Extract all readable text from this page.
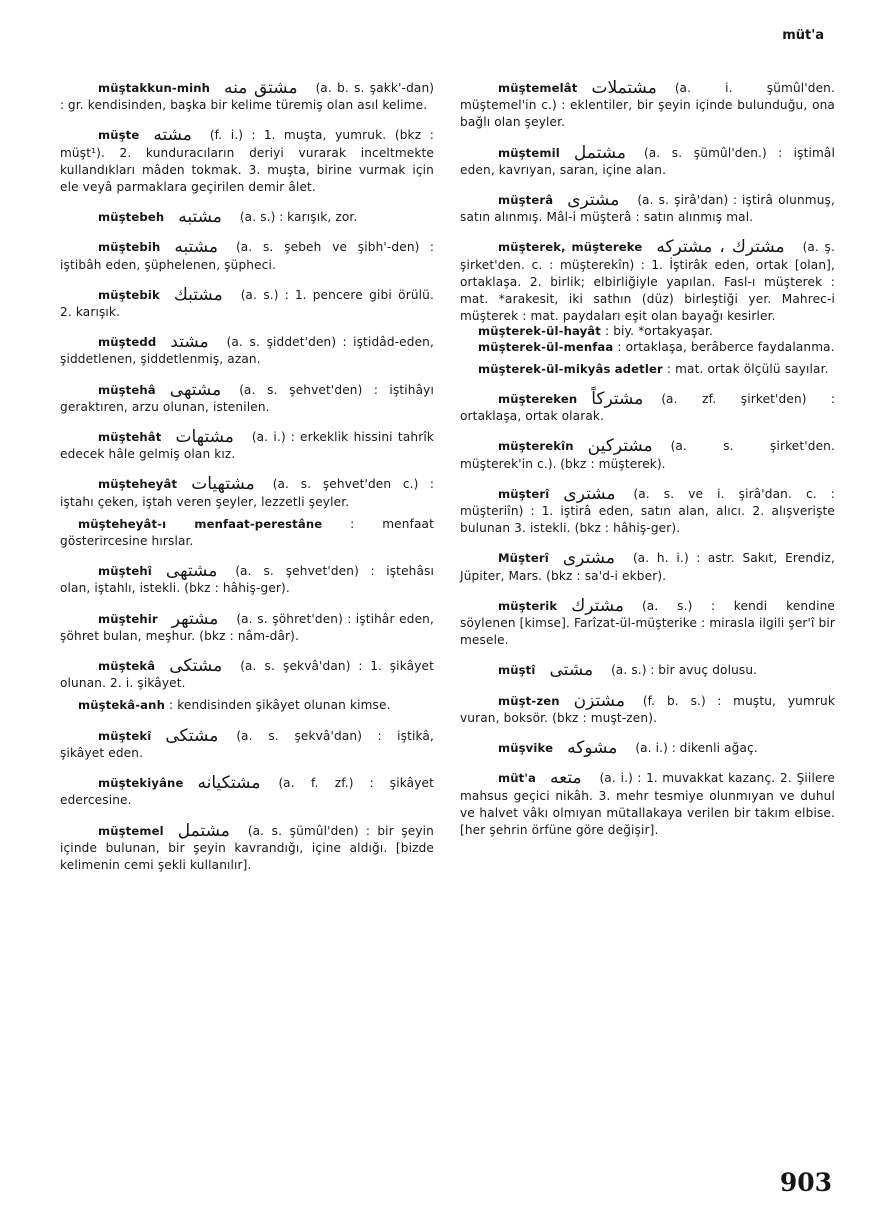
müt'a

müştakkun-minh مشتق منه (a. b. s. şakk'-dan) : gr. kendisinden, başka bir kelime türemiş olan asıl kelime.

müşte مشته (f. i.) : 1. muşta, yumruk. (bkz : müşt¹). 2. kunduracıların deriyi vurarak inceltmekte kullandıkları mâden tokmak. 3. muşta, birine vurmak için ele veyâ parmaklara geçirilen demir âlet.

müştebeh مشتبه (a. s.) : karışık, zor.

müştebih مشتبه (a. s. şebeh ve şibh'-den) : iştibâh eden, şüphelenen, şüpheci.

müştebik مشتبك (a. s.) : 1. pencere gibi örülü. 2. karışık.

müştedd مشتد (a. s. şiddet'den) : iştidâd-eden, şiddetlenen, şiddetlenmiş, azan.

müştehâ مشتهى (a. s. şehvet'den) : iştihâyı geraktıren, arzu olunan, istenilen.

müştehât مشتهات (a. i.) : erkeklik hissini tahrîk edecek hâle gelmiş olan kız.

müşteheyât مشتهيات (a. s. şehvet'den c.) : iştahı çeken, iştah veren şeyler, lezzetli şeyler.

müşteheyât-ı menfaat-perestâne : menfaat gösterircesine hırslar.

müştehî مشتهى (a. s. şehvet'den) : iştehâsı olan, iştahlı, istekli. (bkz : hâhiş-ger).

müştehir مشتهر (a. s. şöhret'den) : iştihâr eden, şöhret bulan, meşhur. (bkz : nâm-dâr).

müştekâ مشتكى (a. s. şekvâ'dan) : 1. şikâyet olunan. 2. i. şikâyet.

müştekâ-anh : kendisinden şikâyet olunan kimse.

müştekî مشتكى (a. s. şekvâ'dan) : iştikâ, şikâyet eden.

müştekiyâne مشتكيانه (a. f. zf.) : şikâyet edercesine.

müştemel مشتمل (a. s. şümûl'den) : bir şeyin içinde bulunan, bir şeyin kavrandığı, içine aldığı. [bizde kelimenin cemi şekli kullanılır].

müştemelât مشتملات (a. i. şümûl'den. müştemel'in c.) : eklentiler, bir şeyin içinde bulunduğu, ona bağlı olan şeyler.

müştemil مشتمل (a. s. şümûl'den.) : iştimâl eden, kavrıyan, saran, içine alan.

müşterâ مشترى (a. s. şirâ'dan) : iştirâ olunmuş, satın alınmış. Mâl-i müşterâ : satın alınmış mal.

müşterek, müştereke مشترك ، مشتركه (a. ş. şirket'den. c. : müşterekîn) : 1. İştirâk eden, ortak [olan], ortaklaşa. 2. birlik; elbirliğiyle yapılan. Fasl-ı müşterek : mat. *arakesit, iki sathın (düz) birleştiği yer. Mahrec-i müşterek : mat. paydaları eşit olan bayağı kesirler.

müşterek-ül-hayât : biy. *ortakyaşar.

müşterek-ül-menfaa : ortaklaşa, berâberce faydalanma.

müşterek-ül-mikyâs adetler : mat. ortak ölçülü sayılar.

müştereken مشتركاً (a. zf. şirket'den) : ortaklaşa, ortak olarak.

müşterekîn مشتركين (a. s. şirket'den. müşterek'in c.). (bkz : müşterek).

müşterî مشترى (a. s. ve i. şirâ'dan. c. : müşteriîn) : 1. iştirâ eden, satın alan, alıcı. 2. alışverişte bulunan 3. istekli. (bkz : hâhiş-ger).

Müşterî مشترى (a. h. i.) : astr. Sakıt, Erendiz, Jüpiter, Mars. (bkz : sa'd-i ekber).

müşterik مشترك (a. s.) : kendi kendine söylenen [kimse]. Farîzat-ül-müşterike : mirasla ilgili şer'î bir mesele.

müştî مشتى (a. s.) : bir avuç dolusu.

müşt-zen مشتزن (f. b. s.) : muştu, yumruk vuran, boksör. (bkz : muşt-zen).

müşvike مشوكه (a. i.) : dikenli ağaç.

müt'a متعه (a. i.) : 1. muvakkat kazanç. 2. Şiilere mahsus geçici nikâh. 3. mehr tesmiye olunmıyan ve duhul ve halvet vâkı olmıyan mütallakaya verilen bir takım elbise. [her şehrin örfüne göre değişir].

903
